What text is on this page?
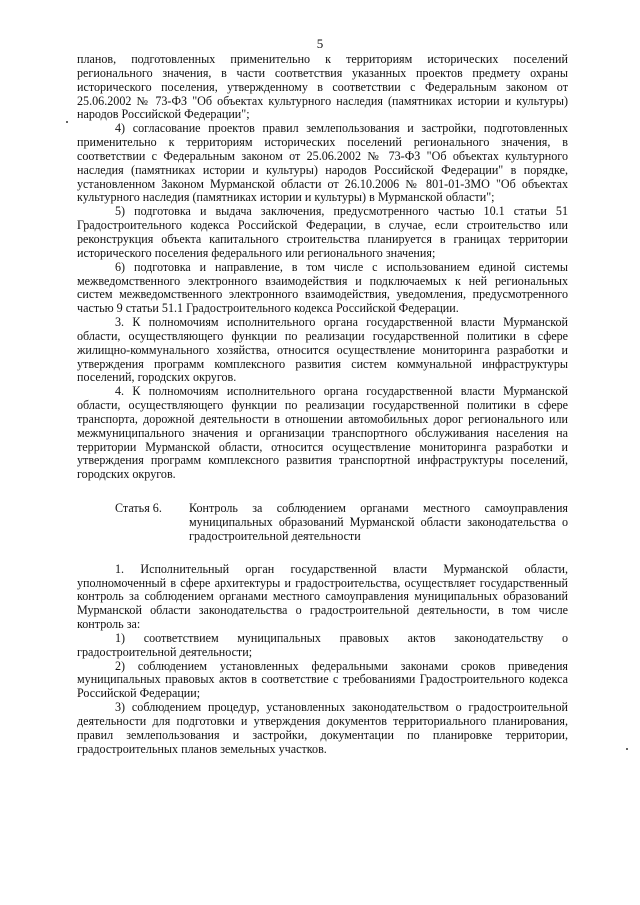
5

планов, подготовленных применительно к территориям исторических поселений регионального значения, в части соответствия указанных проектов предмету охраны исторического поселения, утвержденному в соответствии с Федеральным законом от 25.06.2002 № 73-ФЗ "Об объектах культурного наследия (памятниках истории и культуры) народов Российской Федерации";

4) согласование проектов правил землепользования и застройки, подготовленных применительно к территориям исторических поселений регионального значения, в соответствии с Федеральным законом от 25.06.2002 № 73-ФЗ "Об объектах культурного наследия (памятниках истории и культуры) народов Российской Федерации" в порядке, установленном Законом Мурманской области от 26.10.2006 № 801-01-ЗМО "Об объектах культурного наследия (памятниках истории и культуры) в Мурманской области";

5) подготовка и выдача заключения, предусмотренного частью 10.1 статьи 51 Градостроительного кодекса Российской Федерации, в случае, если строительство или реконструкция объекта капитального строительства планируется в границах территории исторического поселения федерального или регионального значения;

6) подготовка и направление, в том числе с использованием единой системы межведомственного электронного взаимодействия и подключаемых к ней региональных систем межведомственного электронного взаимодействия, уведомления, предусмотренного частью 9 статьи 51.1 Градостроительного кодекса Российской Федерации.

3. К полномочиям исполнительного органа государственной власти Мурманской области, осуществляющего функции по реализации государственной политики в сфере жилищно-коммунального хозяйства, относится осуществление мониторинга разработки и утверждения программ комплексного развития систем коммунальной инфраструктуры поселений, городских округов.

4. К полномочиям исполнительного органа государственной власти Мурманской области, осуществляющего функции по реализации государственной политики в сфере транспорта, дорожной деятельности в отношении автомобильных дорог регионального или межмуниципального значения и организации транспортного обслуживания населения на территории Мурманской области, относится осуществление мониторинга разработки и утверждения программ комплексного развития транспортной инфраструктуры поселений, городских округов.

Статья 6.	Контроль за соблюдением органами местного самоуправления муниципальных образований Мурманской области законодательства о градостроительной деятельности

1. Исполнительный орган государственной власти Мурманской области, уполномоченный в сфере архитектуры и градостроительства, осуществляет государственный контроль за соблюдением органами местного самоуправления муниципальных образований Мурманской области законодательства о градостроительной деятельности, в том числе контроль за:

1) соответствием муниципальных правовых актов законодательству о градостроительной деятельности;

2) соблюдением установленных федеральными законами сроков приведения муниципальных правовых актов в соответствие с требованиями Градостроительного кодекса Российской Федерации;

3) соблюдением процедур, установленных законодательством о градостроительной деятельности для подготовки и утверждения документов территориального планирования, правил землепользования и застройки, документации по планировке территории, градостроительных планов земельных участков.
